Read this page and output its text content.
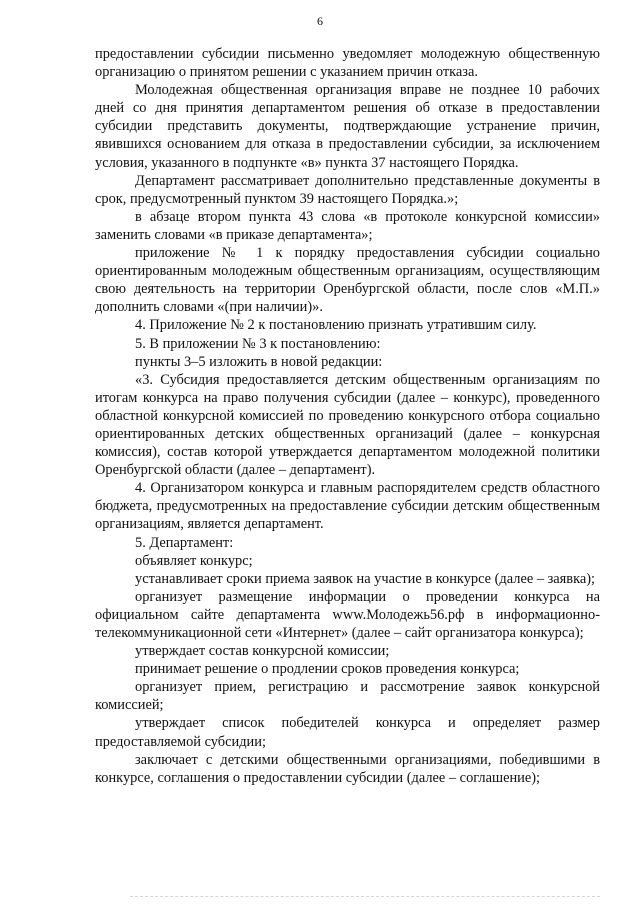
6

предоставлении субсидии письменно уведомляет молодежную общественную организацию о принятом решении с указанием причин отказа.

Молодежная общественная организация вправе не позднее 10 рабочих дней со дня принятия департаментом решения об отказе в предоставлении субсидии представить документы, подтверждающие устранение причин, явившихся основанием для отказа в предоставлении субсидии, за исключением условия, указанного в подпункте «в» пункта 37 настоящего Порядка.

Департамент рассматривает дополнительно представленные документы в срок, предусмотренный пунктом 39 настоящего Порядка.»;

в абзаце втором пункта 43 слова «в протоколе конкурсной комиссии» заменить словами «в приказе департамента»;

приложение № 1 к порядку предоставления субсидии социально ориентированным молодежным общественным организациям, осуществляющим свою деятельность на территории Оренбургской области, после слов «М.П.» дополнить словами «(при наличии)».

4. Приложение № 2 к постановлению признать утратившим силу.

5. В приложении № 3 к постановлению:

пункты 3–5 изложить в новой редакции:

«3. Субсидия предоставляется детским общественным организациям по итогам конкурса на право получения субсидии (далее – конкурс), проведенного областной конкурсной комиссией по проведению конкурсного отбора социально ориентированных детских общественных организаций (далее – конкурсная комиссия), состав которой утверждается департаментом молодежной политики Оренбургской области (далее – департамент).

4. Организатором конкурса и главным распорядителем средств областного бюджета, предусмотренных на предоставление субсидии детским общественным организациям, является департамент.

5. Департамент:

объявляет конкурс;

устанавливает сроки приема заявок на участие в конкурсе (далее – заявка);

организует размещение информации о проведении конкурса на официальном сайте департамента www.Молодежь56.рф в информационно-телекоммуникационной сети «Интернет» (далее – сайт организатора конкурса);

утверждает состав конкурсной комиссии;

принимает решение о продлении сроков проведения конкурса;

организует прием, регистрацию и рассмотрение заявок конкурсной комиссией;

утверждает список победителей конкурса и определяет размер предоставляемой субсидии;

заключает с детскими общественными организациями, победившими в конкурсе, соглашения о предоставлении субсидии (далее – соглашение);
